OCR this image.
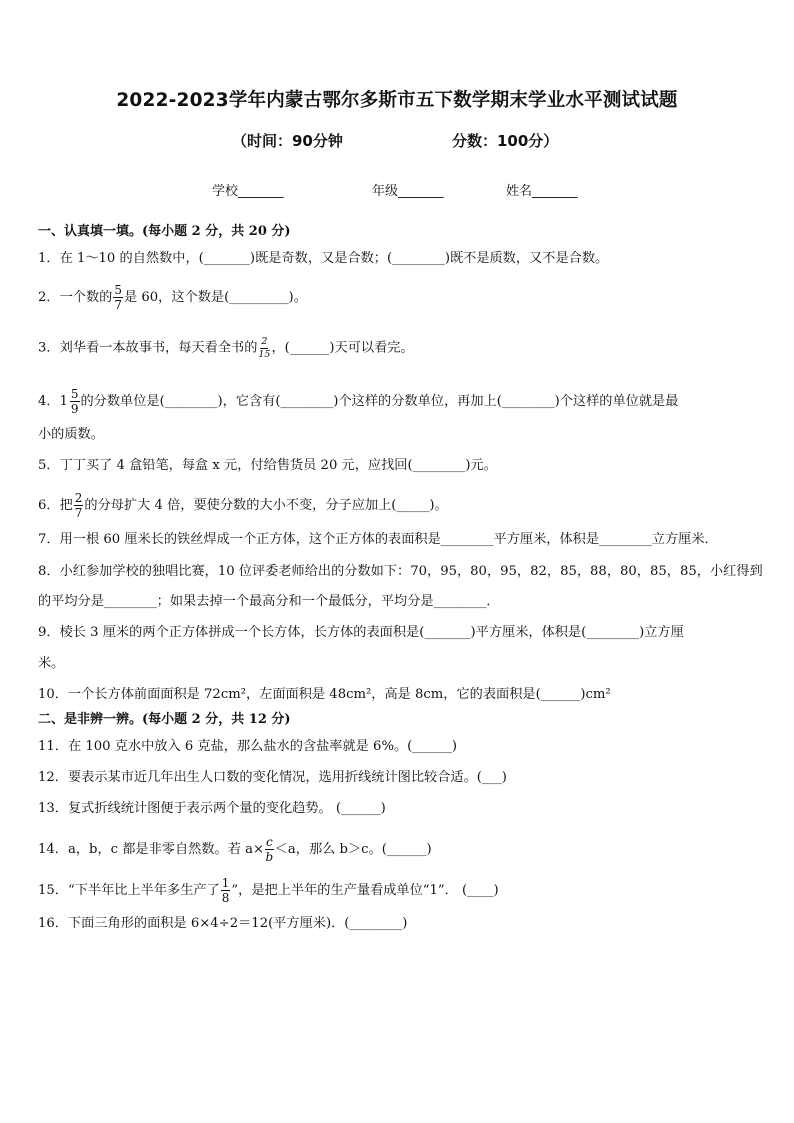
2022-2023学年内蒙古鄂尔多斯市五下数学期末学业水平测试试题
（时间：90分钟	分数：100分）
学校_______	年级_______	姓名_______
一、认真填一填。(每小题 2 分，共 20 分)
1．在 1～10 的自然数中，(_______)既是奇数，又是合数；(________)既不是质数，又不是合数。
2．一个数的 $\frac{5}{7}$ 是 60，这个数是(_________)。
3．刘华看一本故事书，每天看全书的 $\frac{2}{15}$ ，(______)天可以看完。
4． $1 \frac{5}{9}$ 的分数单位是(________)，它含有(________)个这样的分数单位，再加上(________)个这样的单位就是最
小的质数。
5．丁丁买了 4 盒铅笔，每盒 x 元，付给售货员 20 元，应找回(________)元。
6．把 $\frac{2}{7}$ 的分母扩大 4 倍，要使分数的大小不变，分子应加上(_____)。
7．用一根 60 厘米长的铁丝焊成一个正方体，这个正方体的表面积是________平方厘米，体积是________立方厘米．
8．小红参加学校的独唱比赛，10 位评委老师给出的分数如下：70，95，80，95，82，85，88，80，85，85，小红得到
的平均分是________；如果去掉一个最高分和一个最低分，平均分是________．
9．棱长 3 厘米的两个正方体拼成一个长方体，长方体的表面积是(_______)平方厘米，体积是(________)立方厘
米。
10．一个长方体前面面积是 72cm²，左面面积是 48cm²，高是 8cm，它的表面积是(______)cm²
二、是非辨一辨。(每小题 2 分，共 12 分)
11．在 100 克水中放入 6 克盐，那么盐水的含盐率就是 6%。(______)
12．要表示某市近几年出生人口数的变化情况，选用折线统计图比较合适。(___)
13．复式折线统计图便于表示两个量的变化趋势。 (______)
14．a，b，c 都是非零自然数。若 $a\times \frac{c}{b} <a$，那么 b＞c。(______)
15．“下半年比上半年多生产了 $\frac{1}{8}$ ”，是把上半年的生产量看成单位“1”． (____)
16．下面三角形的面积是 6×4÷2＝12(平方厘米)．(________)
